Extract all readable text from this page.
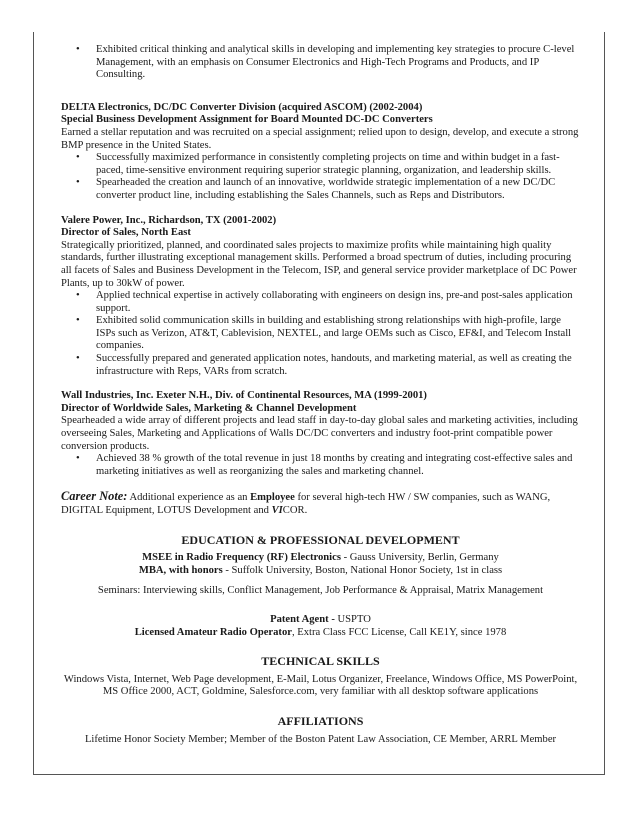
• Exhibited critical thinking and analytical skills in developing and implementing key strategies to procure C-level Management, with an emphasis on Consumer Electronics and High-Tech Programs and Products, and IP Consulting.

DELTA Electronics, DC/DC Converter Division (acquired ASCOM) (2002-2004)

Special Business Development Assignment for Board Mounted DC-DC Converters

Earned a stellar reputation and was recruited on a special assignment; relied upon to design, develop, and execute a strong BMP presence in the United States.

• Successfully maximized performance in consistently completing projects on time and within budget in a fast-paced, time-sensitive environment requiring superior strategic planning, organization, and leadership skills.
• Spearheaded the creation and launch of an innovative, worldwide strategic implementation of a new DC/DC converter product line, including establishing the Sales Channels, such as Reps and Distributors.

Valere Power, Inc., Richardson, TX (2001-2002)

Director of Sales, North East

Strategically prioritized, planned, and coordinated sales projects to maximize profits while maintaining high quality standards, further illustrating exceptional management skills. Performed a broad spectrum of duties, including procuring all facets of Sales and Business Development in the Telecom, ISP, and general service provider marketplace of DC Power Plants, up to 30kW of power.

• Applied technical expertise in actively collaborating with engineers on design ins, pre-and post-sales application support.
• Exhibited solid communication skills in building and establishing strong relationships with high-profile, large ISPs such as Verizon, AT&T, Cablevision, NEXTEL, and large OEMs such as Cisco, EF&I, and Telecom Install companies.
• Successfully prepared and generated application notes, handouts, and marketing material, as well as creating the infrastructure with Reps, VARs from scratch.

Wall Industries, Inc. Exeter N.H., Div. of Continental Resources, MA (1999-2001)

Director of Worldwide Sales, Marketing & Channel Development

Spearheaded a wide array of different projects and lead staff in day-to-day global sales and marketing activities, including overseeing Sales, Marketing and Applications of Walls DC/DC converters and industry foot-print compatible power conversion products.

• Achieved 38 % growth of the total revenue in just 18 months by creating and integrating cost-effective sales and marketing initiatives as well as reorganizing the sales and marketing channel.

Career Note: Additional experience as an Employee for several high-tech HW / SW companies, such as WANG, DIGITAL Equipment, LOTUS Development and VICOR.

EDUCATION & PROFESSIONAL DEVELOPMENT

MSEE in Radio Frequency (RF) Electronics - Gauss University, Berlin, Germany

MBA, with honors - Suffolk University, Boston, National Honor Society, 1st in class

Seminars: Interviewing skills, Conflict Management, Job Performance & Appraisal, Matrix Management

Patent Agent - USPTO

Licensed Amateur Radio Operator, Extra Class FCC License, Call KE1Y, since 1978

TECHNICAL SKILLS

Windows Vista, Internet, Web Page development, E-Mail, Lotus Organizer, Freelance, Windows Office, MS PowerPoint, MS Office 2000, ACT, Goldmine, Salesforce.com, very familiar with all desktop software applications

AFFILIATIONS

Lifetime Honor Society Member; Member of the Boston Patent Law Association, CE Member, ARRL Member
